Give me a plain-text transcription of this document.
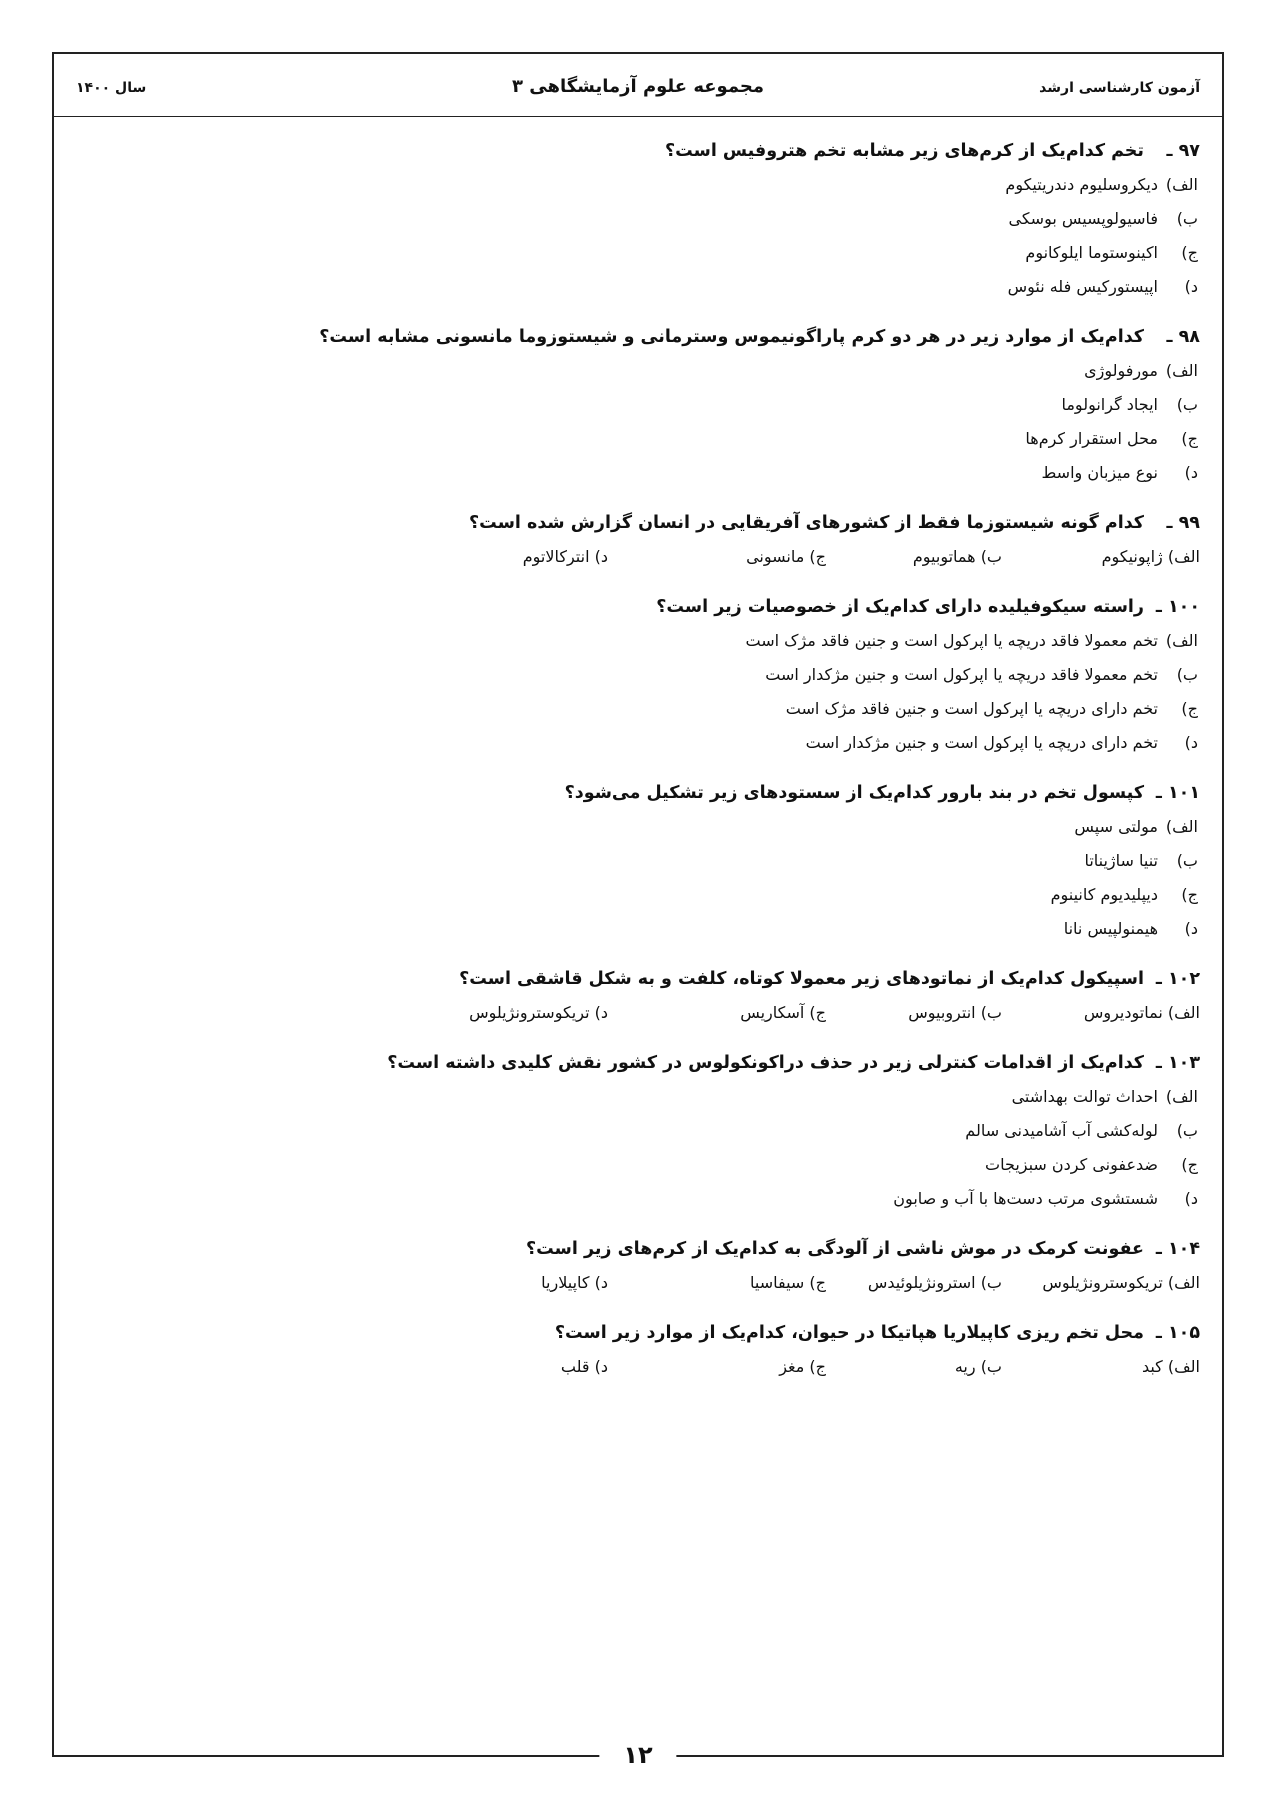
آزمون کارشناسی ارشد
مجموعه علوم آزمایشگاهی ۳
سال ۱۴۰۰
۹۷ ـتخم کدام‌یک از کرم‌های زیر مشابه تخم هتروفیس است؟
الف)دیکروسلیوم دندریتیکوم
ب)فاسیولوپسیس بوسکی
ج)اکینوستوما ایلوکانوم
د)اپیستورکیس فله نئوس
۹۸ ـکدام‌یک از موارد زیر در هر دو کرم پاراگونیموس وسترمانی و شیستوزوما مانسونی مشابه است؟
الف)مورفولوژی
ب)ایجاد گرانولوما
ج)محل استقرار کرم‌ها
د)نوع میزبان واسط
۹۹ ـکدام گونه شیستوزما فقط از کشورهای آفریقایی در انسان گزارش شده است؟
الف) ژاپونیکوم
ب) هماتوبیوم
ج) مانسونی
د) انترکالاتوم
۱۰۰ ـراسته سیکوفیلیده دارای کدام‌یک از خصوصیات زیر است؟
الف)تخم معمولا فاقد دریچه یا اپرکول است و جنین فاقد مژک است
ب)تخم معمولا فاقد دریچه یا اپرکول است و جنین مژکدار است
ج)تخم دارای دریچه یا اپرکول است و جنین فاقد مژک است
د)تخم دارای دریچه یا اپرکول است و جنین مژکدار است
۱۰۱ ـکپسول تخم در بند بارور کدام‌یک از سستودهای زیر تشکیل می‌شود؟
الف)مولتی سپس
ب)تنیا ساژیناتا
ج)دیپلیدیوم کانینوم
د)هیمنولپیس نانا
۱۰۲ ـاسپیکول کدام‌یک از نماتودهای زیر معمولا کوتاه، کلفت و به شکل قاشقی است؟
الف) نماتودیروس
ب) انتروبیوس
ج) آسکاریس
د) تریکوسترونژیلوس
۱۰۳ ـکدام‌یک از اقدامات کنترلی زیر در حذف دراکونکولوس در کشور نقش کلیدی داشته است؟
الف)احداث توالت بهداشتی
ب)لوله‌کشی آب آشامیدنی سالم
ج)ضدعفونی کردن سبزیجات
د)شستشوی مرتب دست‌ها با آب و صابون
۱۰۴ ـعفونت کرمک در موش ناشی از آلودگی به کدام‌یک از کرم‌های زیر است؟
الف) تریکوسترونژیلوس
ب) استرونژیلوئیدس
ج) سیفاسیا
د) کاپیلاریا
۱۰۵ ـمحل تخم ریزی کاپیلاریا هپاتیکا در حیوان، کدام‌یک از موارد زیر است؟
الف) کبد
ب) ریه
ج) مغز
د) قلب
۱۲
